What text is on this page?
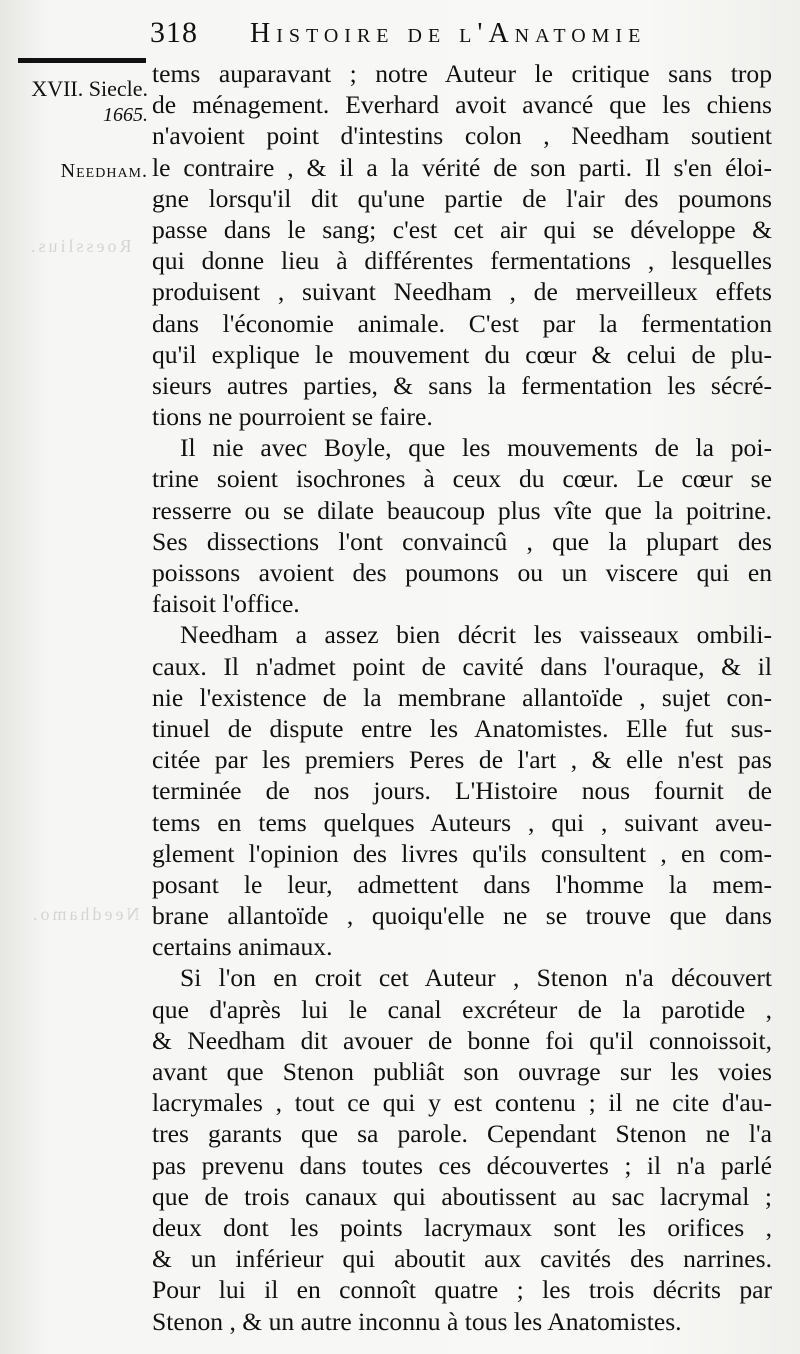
Roesslius.
Needhamo.
318 Histoire de l'Anatomie
XVII. Siecle.
1665.
Needham.
tems auparavant ; notre Auteur le critique sans trop
de ménagement. Everhard avoit avancé que les chiens
n'avoient point d'intestins colon , Needham soutient
le contraire , & il a la vérité de son parti. Il s'en éloi-
gne lorsqu'il dit qu'une partie de l'air des poumons
passe dans le sang; c'est cet air qui se développe &
qui donne lieu à différentes fermentations , lesquelles
produisent , suivant Needham , de merveilleux effets
dans l'économie animale. C'est par la fermentation
qu'il explique le mouvement du cœur & celui de plu-
sieurs autres parties, & sans la fermentation les sécré-
tions ne pourroient se faire.
Il nie avec Boyle, que les mouvements de la poi-
trine soient isochrones à ceux du cœur. Le cœur se
resserre ou se dilate beaucoup plus vîte que la poitrine.
Ses dissections l'ont convaincû , que la plupart des
poissons avoient des poumons ou un viscere qui en
faisoit l'office.
Needham a assez bien décrit les vaisseaux ombili-
caux. Il n'admet point de cavité dans l'ouraque, & il
nie l'existence de la membrane allantoïde , sujet con-
tinuel de dispute entre les Anatomistes. Elle fut sus-
citée par les premiers Peres de l'art , & elle n'est pas
terminée de nos jours. L'Histoire nous fournit de
tems en tems quelques Auteurs , qui , suivant aveu-
glement l'opinion des livres qu'ils consultent , en com-
posant le leur, admettent dans l'homme la mem-
brane allantoïde , quoiqu'elle ne se trouve que dans
certains animaux.
Si l'on en croit cet Auteur , Stenon n'a découvert
que d'après lui le canal excréteur de la parotide ,
& Needham dit avouer de bonne foi qu'il connoissoit,
avant que Stenon publiât son ouvrage sur les voies
lacrymales , tout ce qui y est contenu ; il ne cite d'au-
tres garants que sa parole. Cependant Stenon ne l'a
pas prevenu dans toutes ces découvertes ; il n'a parlé
que de trois canaux qui aboutissent au sac lacrymal ;
deux dont les points lacrymaux sont les orifices ,
& un inférieur qui aboutit aux cavités des narrines.
Pour lui il en connoît quatre ; les trois décrits par
Stenon , & un autre inconnu à tous les Anatomistes.
